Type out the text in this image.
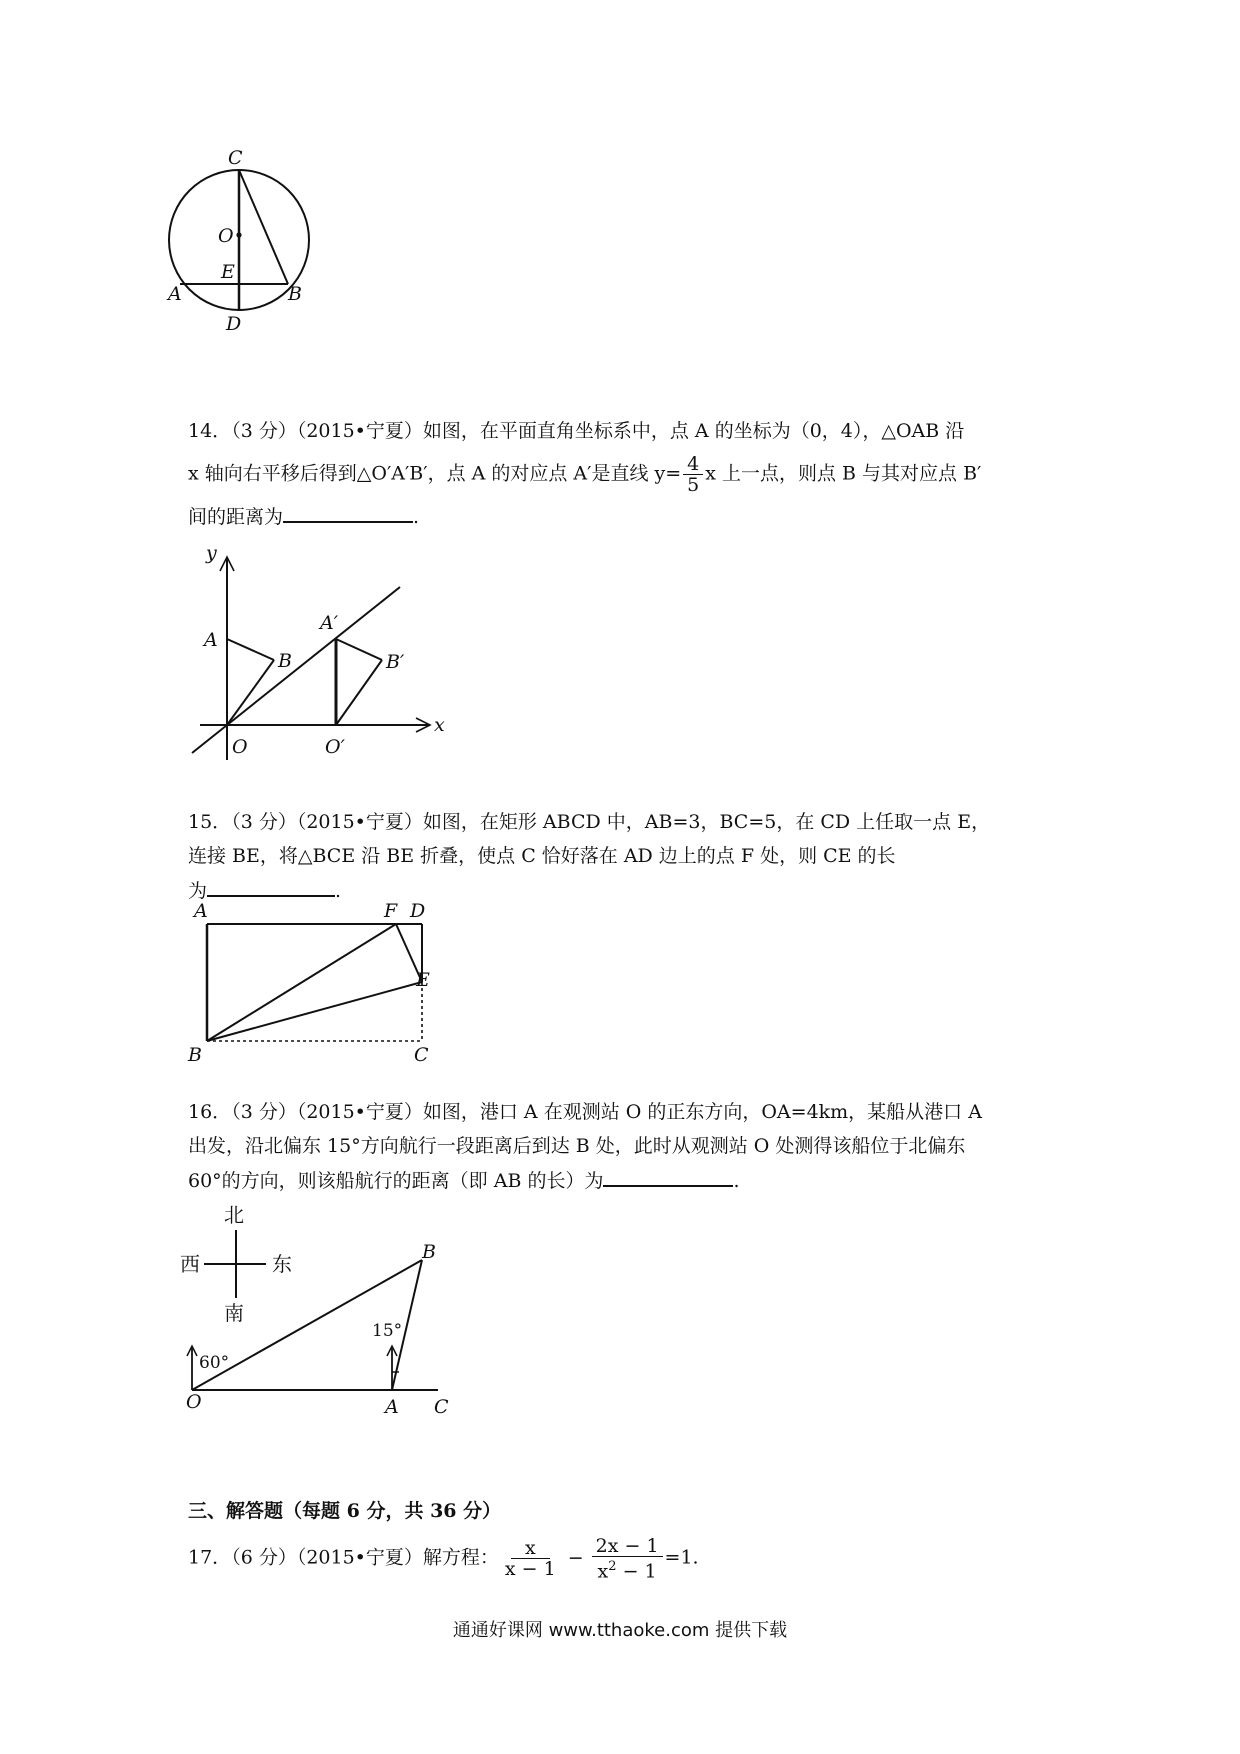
C
O
E
A	B
D
14．（3 分）（2015•宁夏）如图，在平面直角坐标系中，点 A 的坐标为（0，4），△OAB 沿
x 轴向右平移后得到△O′A′B′，点 A 的对应点 A′是直线 $y= \frac{4}{5}$ x 上一点，则点 B 与其对应点 B′
间的距离为	.
y
A
B
A′
B′
O	O′
x
15．（3 分）（2015•宁夏）如图，在矩形 ABCD 中，AB=3，BC=5，在 CD 上任取一点 E，
连接 BE，将△BCE 沿 BE 折叠，使点 C 恰好落在 AD 边上的点 F 处，则 CE 的长
为	.
A	F D
E
B	C
16．（3 分）（2015•宁夏）如图，港口 A 在观测站 O 的正东方向，OA=4km，某船从港口 A
出发，沿北偏东 15°方向航行一段距离后到达 B 处，此时从观测站 O 处测得该船位于北偏东
60°的方向，则该船航行的距离（即 AB 的长）为	.
北
西	东
南
60°
15°
B
O	A C
三、解答题（每题 6 分，共 36 分）
17．（6 分）（2015•宁夏）解方程： $\frac{x}{x - 1} - \frac{2x - 1}{x^2 - 1} =1$.
通通好课网 www.tthaoke.com 提供下载
